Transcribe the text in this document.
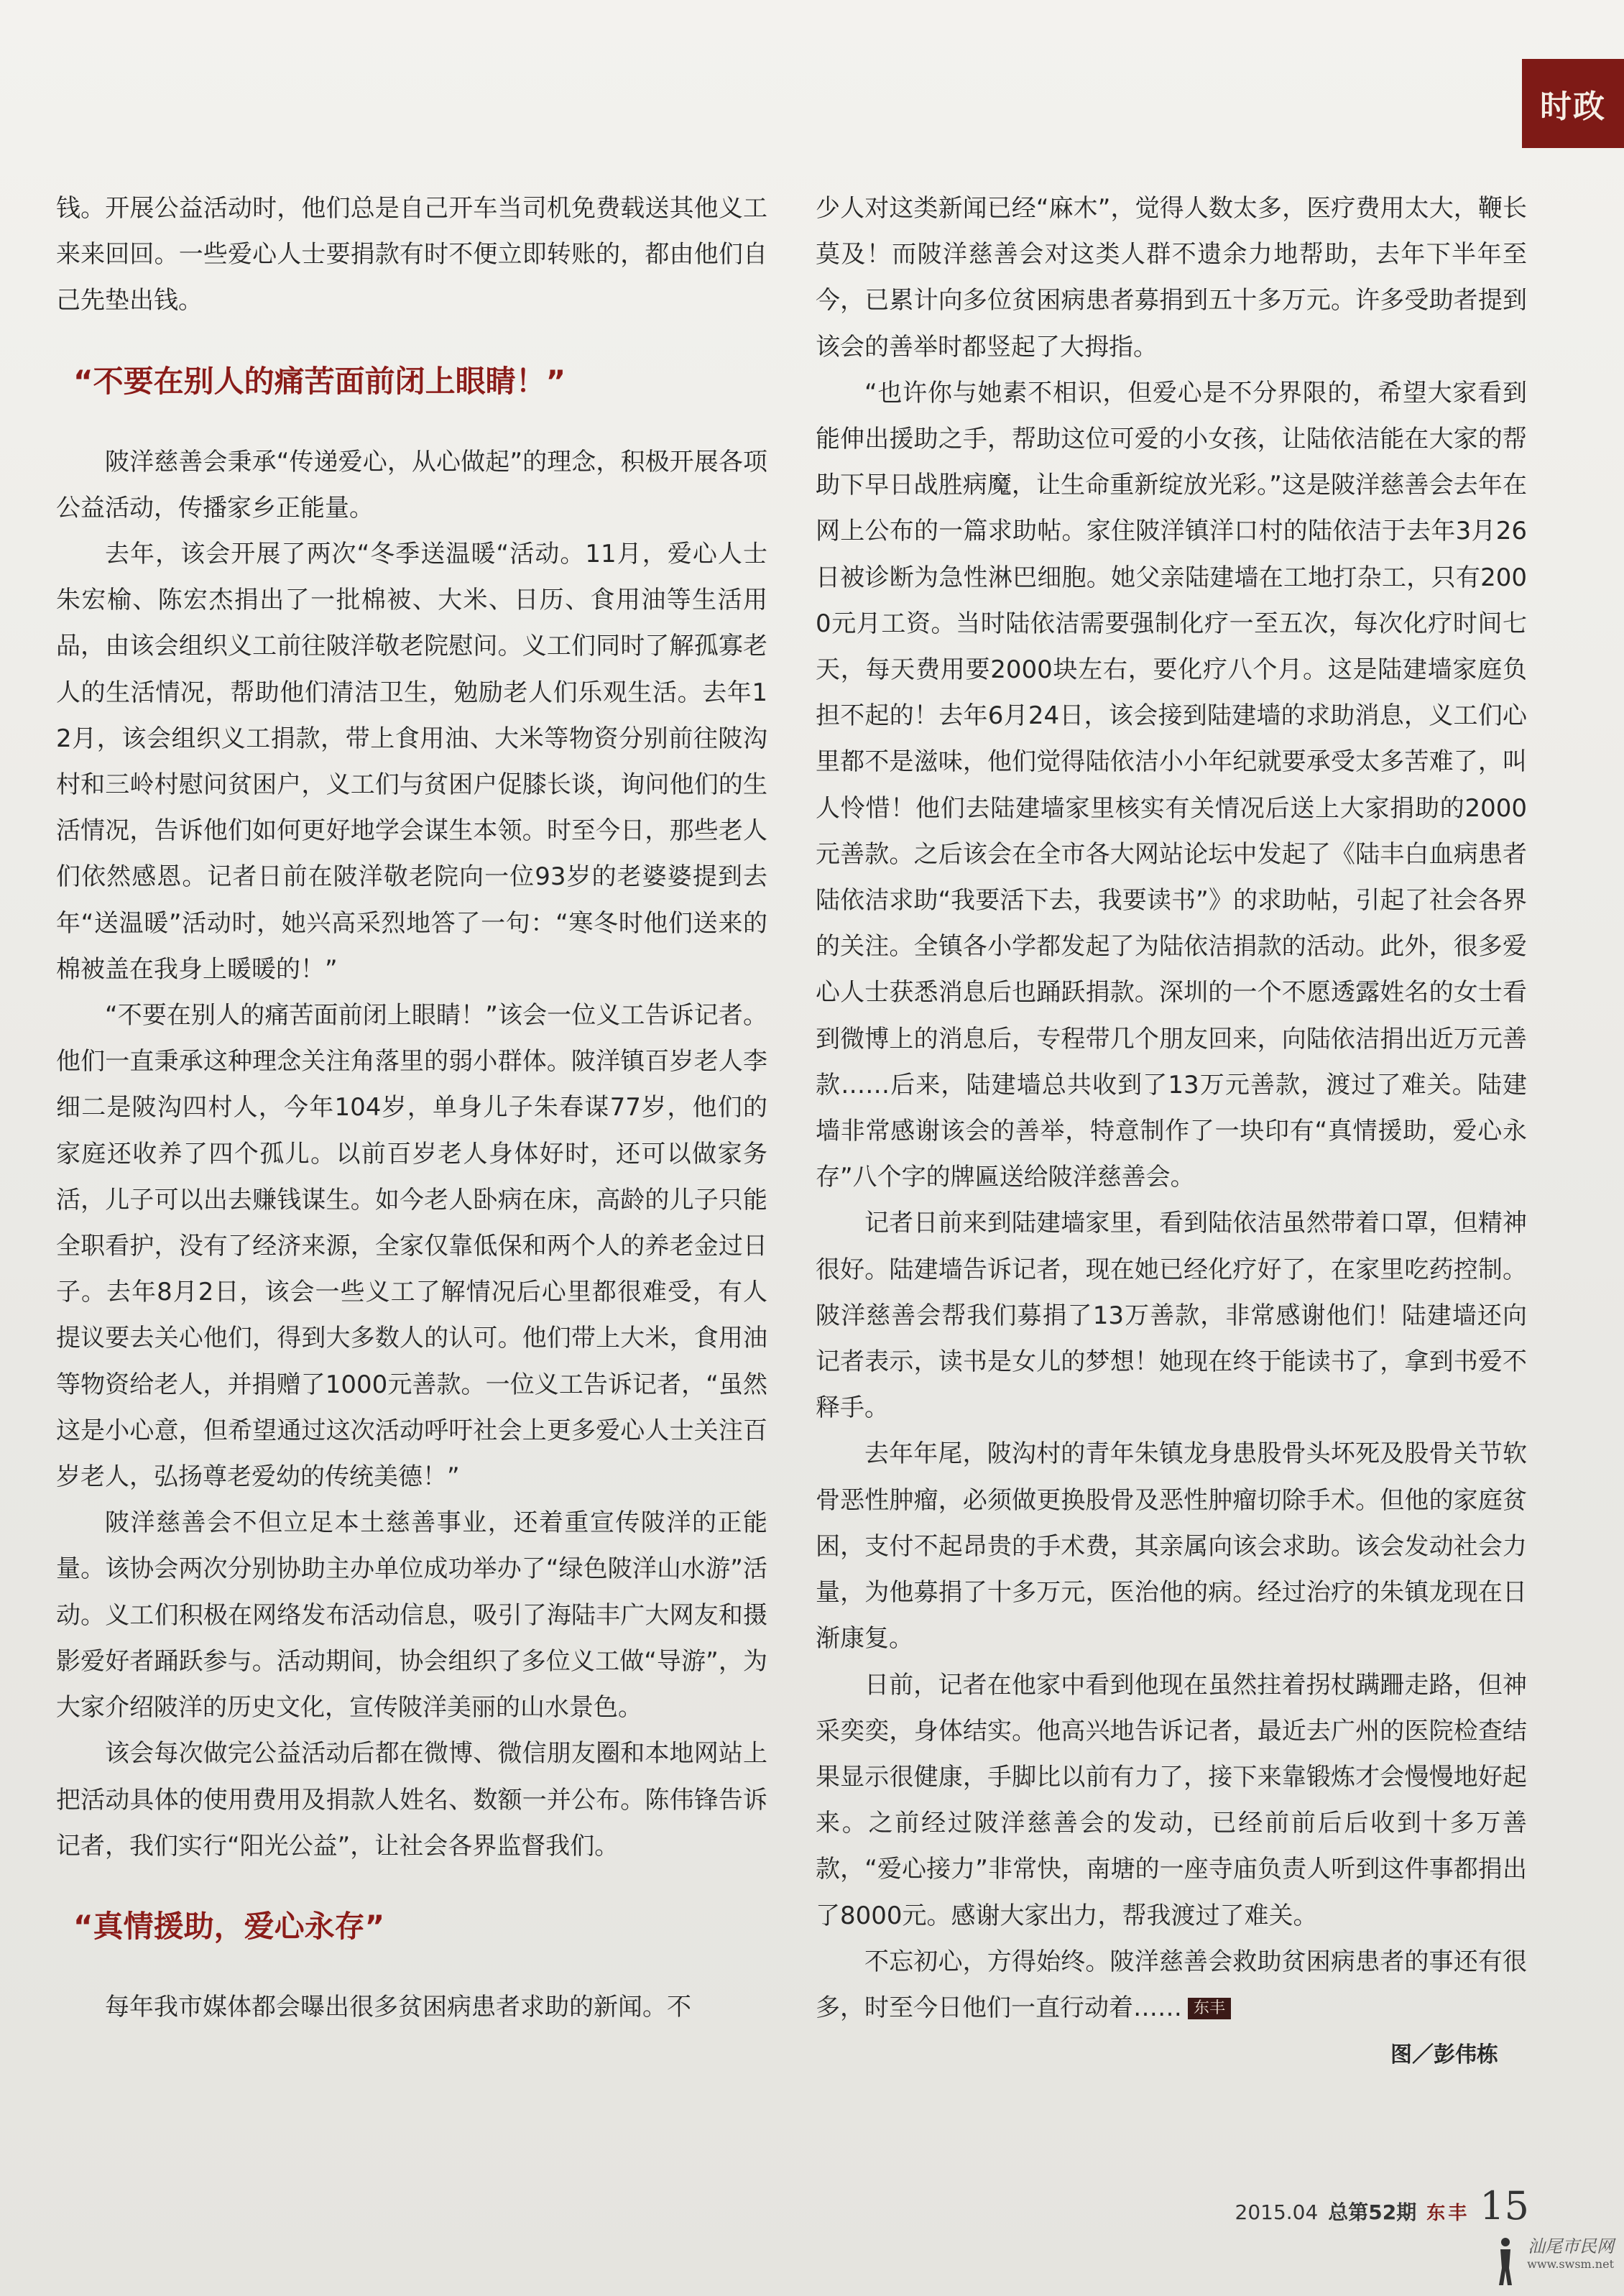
时政

钱。开展公益活动时，他们总是自己开车当司机免费载送其他义工来来回回。一些爱心人士要捐款有时不便立即转账的，都由他们自己先垫出钱。

“不要在别人的痛苦面前闭上眼睛！”

陂洋慈善会秉承“传递爱心，从心做起”的理念，积极开展各项公益活动，传播家乡正能量。

去年，该会开展了两次“冬季送温暖“活动。11月，爱心人士朱宏榆、陈宏杰捐出了一批棉被、大米、日历、食用油等生活用品，由该会组织义工前往陂洋敬老院慰问。义工们同时了解孤寡老人的生活情况，帮助他们清洁卫生，勉励老人们乐观生活。去年12月，该会组织义工捐款，带上食用油、大米等物资分别前往陂沟村和三岭村慰问贫困户，义工们与贫困户促膝长谈，询问他们的生活情况，告诉他们如何更好地学会谋生本领。时至今日，那些老人们依然感恩。记者日前在陂洋敬老院向一位93岁的老婆婆提到去年“送温暖”活动时，她兴高采烈地答了一句：“寒冬时他们送来的棉被盖在我身上暖暖的！”

“不要在别人的痛苦面前闭上眼睛！”该会一位义工告诉记者。他们一直秉承这种理念关注角落里的弱小群体。陂洋镇百岁老人李细二是陂沟四村人，今年104岁，单身儿子朱春谋77岁，他们的家庭还收养了四个孤儿。以前百岁老人身体好时，还可以做家务活，儿子可以出去赚钱谋生。如今老人卧病在床，高龄的儿子只能全职看护，没有了经济来源，全家仅靠低保和两个人的养老金过日子。去年8月2日，该会一些义工了解情况后心里都很难受，有人提议要去关心他们，得到大多数人的认可。他们带上大米，食用油等物资给老人，并捐赠了1000元善款。一位义工告诉记者，“虽然这是小心意，但希望通过这次活动呼吁社会上更多爱心人士关注百岁老人，弘扬尊老爱幼的传统美德！”

陂洋慈善会不但立足本土慈善事业，还着重宣传陂洋的正能量。该协会两次分别协助主办单位成功举办了“绿色陂洋山水游”活动。义工们积极在网络发布活动信息，吸引了海陆丰广大网友和摄影爱好者踊跃参与。活动期间，协会组织了多位义工做“导游”，为大家介绍陂洋的历史文化，宣传陂洋美丽的山水景色。

该会每次做完公益活动后都在微博、微信朋友圈和本地网站上把活动具体的使用费用及捐款人姓名、数额一并公布。陈伟锋告诉记者，我们实行“阳光公益”，让社会各界监督我们。

“真情援助，爱心永存”

每年我市媒体都会曝出很多贫困病患者求助的新闻。不

少人对这类新闻已经“麻木”，觉得人数太多，医疗费用太大，鞭长莫及！而陂洋慈善会对这类人群不遗余力地帮助，去年下半年至今，已累计向多位贫困病患者募捐到五十多万元。许多受助者提到该会的善举时都竖起了大拇指。

“也许你与她素不相识，但爱心是不分界限的，希望大家看到能伸出援助之手，帮助这位可爱的小女孩，让陆依洁能在大家的帮助下早日战胜病魔，让生命重新绽放光彩。”这是陂洋慈善会去年在网上公布的一篇求助帖。家住陂洋镇洋口村的陆依洁于去年3月26日被诊断为急性淋巴细胞。她父亲陆建墙在工地打杂工，只有2000元月工资。当时陆依洁需要强制化疗一至五次，每次化疗时间七天，每天费用要2000块左右，要化疗八个月。这是陆建墙家庭负担不起的！去年6月24日，该会接到陆建墙的求助消息，义工们心里都不是滋味，他们觉得陆依洁小小年纪就要承受太多苦难了，叫人怜惜！他们去陆建墙家里核实有关情况后送上大家捐助的2000元善款。之后该会在全市各大网站论坛中发起了《陆丰白血病患者陆依洁求助“我要活下去，我要读书”》的求助帖，引起了社会各界的关注。全镇各小学都发起了为陆依洁捐款的活动。此外，很多爱心人士获悉消息后也踊跃捐款。深圳的一个不愿透露姓名的女士看到微博上的消息后，专程带几个朋友回来，向陆依洁捐出近万元善款……后来，陆建墙总共收到了13万元善款，渡过了难关。陆建墙非常感谢该会的善举，特意制作了一块印有“真情援助，爱心永存”八个字的牌匾送给陂洋慈善会。

记者日前来到陆建墙家里，看到陆依洁虽然带着口罩，但精神很好。陆建墙告诉记者，现在她已经化疗好了，在家里吃药控制。陂洋慈善会帮我们募捐了13万善款，非常感谢他们！陆建墙还向记者表示，读书是女儿的梦想！她现在终于能读书了，拿到书爱不释手。

去年年尾，陂沟村的青年朱镇龙身患股骨头坏死及股骨关节软骨恶性肿瘤，必须做更换股骨及恶性肿瘤切除手术。但他的家庭贫困，支付不起昂贵的手术费，其亲属向该会求助。该会发动社会力量，为他募捐了十多万元，医治他的病。经过治疗的朱镇龙现在日渐康复。

日前，记者在他家中看到他现在虽然拄着拐杖蹒跚走路，但神采奕奕，身体结实。他高兴地告诉记者，最近去广州的医院检查结果显示很健康，手脚比以前有力了，接下来靠锻炼才会慢慢地好起来。之前经过陂洋慈善会的发动，已经前前后后收到十多万善款，“爱心接力”非常快，南塘的一座寺庙负责人听到这件事都捐出了8000元。感谢大家出力，帮我渡过了难关。

不忘初心，方得始终。陂洋慈善会救助贫困病患者的事还有很多，时至今日他们一直行动着…… 东丰

图／彭伟栋
2015.04 总第52期 东丰 15
汕尾市民网
www.swsm.net
